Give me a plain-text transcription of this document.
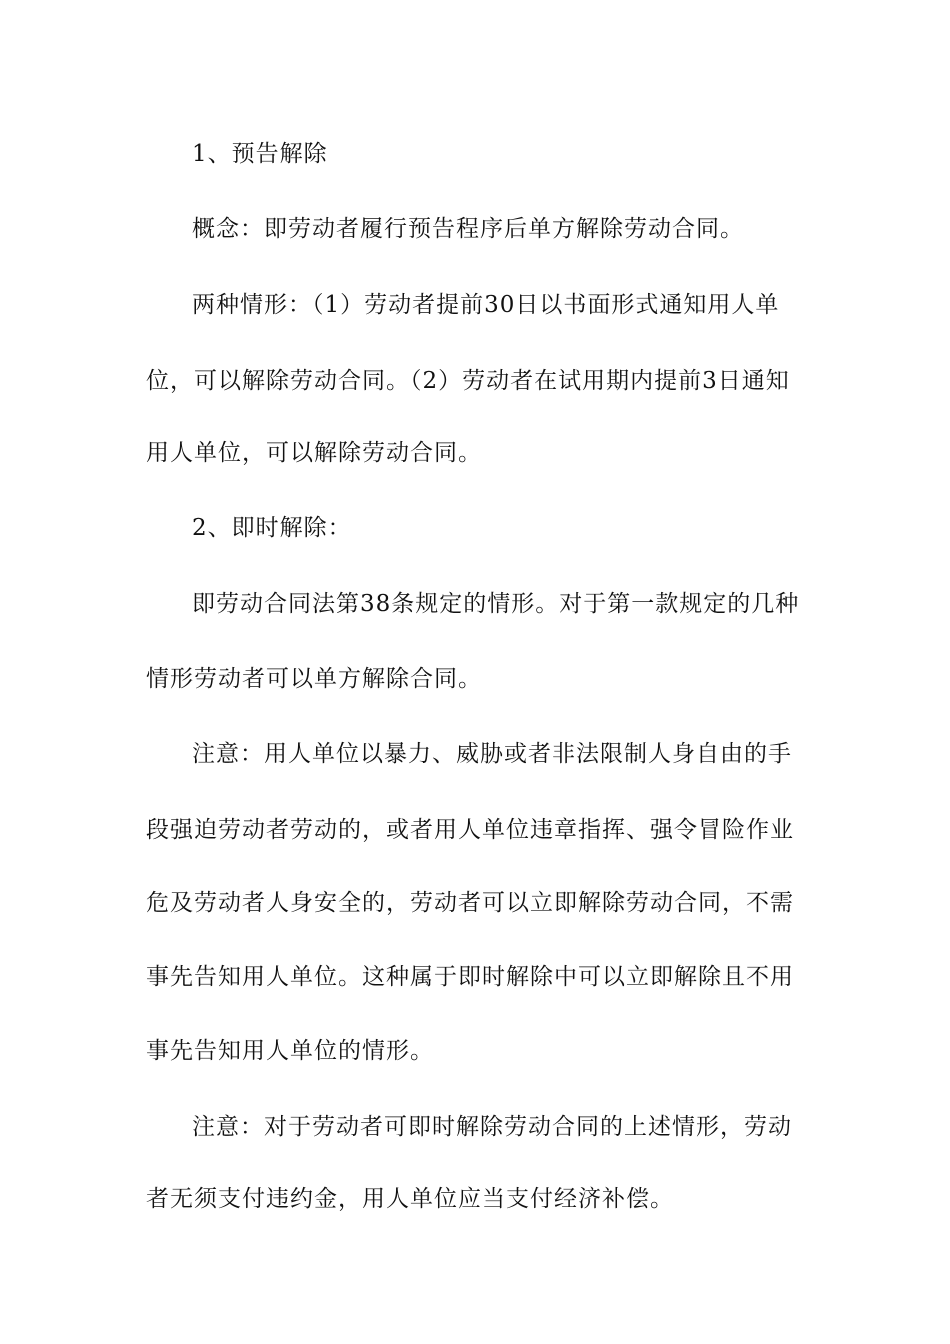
1、预告解除
概念：即劳动者履行预告程序后单方解除劳动合同。
两种情形：（1）劳动者提前30日以书面形式通知用人单
位，可以解除劳动合同。（2）劳动者在试用期内提前3日通知
用人单位，可以解除劳动合同。
2、即时解除：
即劳动合同法第38条规定的情形。对于第一款规定的几种
情形劳动者可以单方解除合同。
注意：用人单位以暴力、威胁或者非法限制人身自由的手
段强迫劳动者劳动的，或者用人单位违章指挥、强令冒险作业
危及劳动者人身安全的，劳动者可以立即解除劳动合同，不需
事先告知用人单位。这种属于即时解除中可以立即解除且不用
事先告知用人单位的情形。
注意：对于劳动者可即时解除劳动合同的上述情形，劳动
者无须支付违约金，用人单位应当支付经济补偿。
